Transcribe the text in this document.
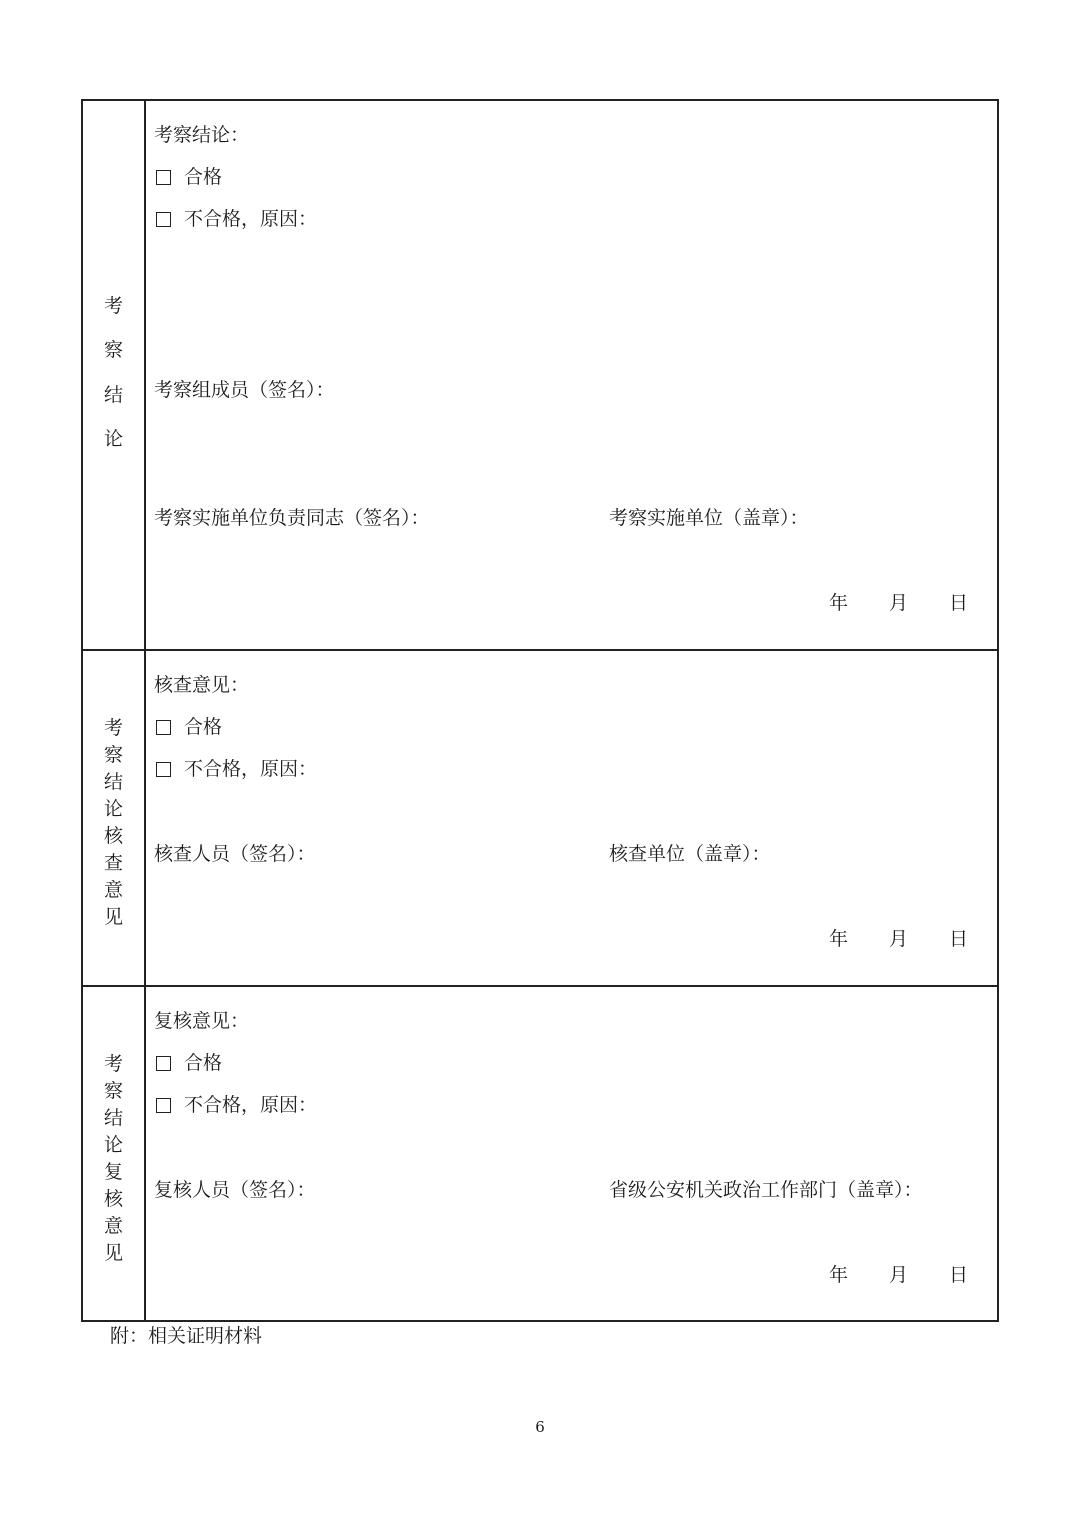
考
察
结
论
考察结论：
合格
不合格，原因：
考察组成员（签名）：
考察实施单位负责同志（签名）：	考察实施单位（盖章）：
年 月 日
考
察
结
论
核
查
意
见
核查意见：
合格
不合格，原因：
核查人员（签名）：	核查单位（盖章）：
年 月 日
考
察
结
论
复
核
意
见
复核意见：
合格
不合格，原因：
复核人员（签名）：	省级公安机关政治工作部门（盖章）：
年 月 日
附：相关证明材料
6
